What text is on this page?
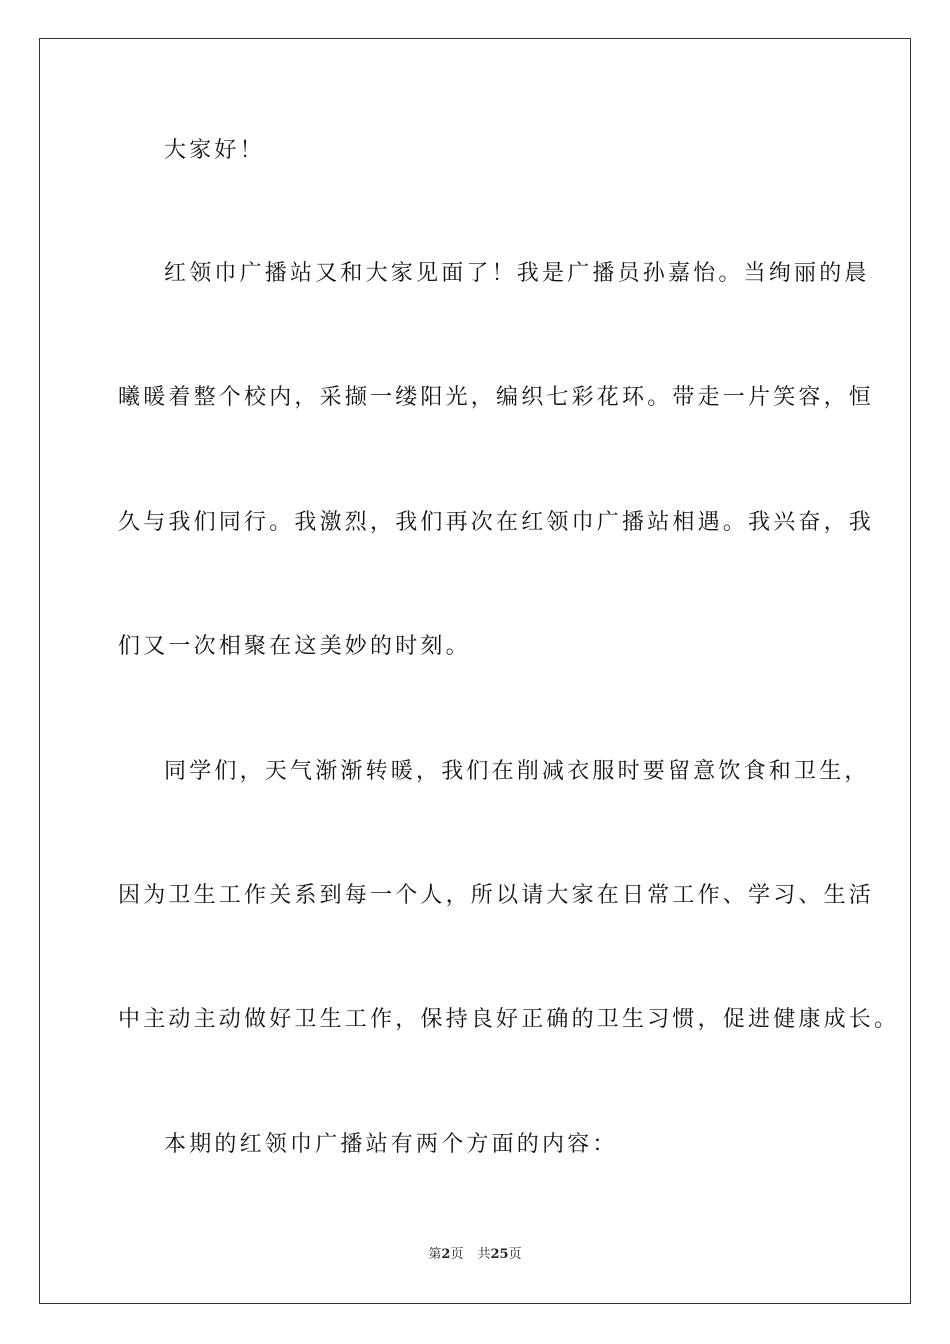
大家好！
红领巾广播站又和大家见面了！我是广播员孙嘉怡。当绚丽的晨
曦暖着整个校内，采撷一缕阳光，编织七彩花环。带走一片笑容，恒
久与我们同行。我激烈，我们再次在红领巾广播站相遇。我兴奋，我
们又一次相聚在这美妙的时刻。
同学们，天气渐渐转暖，我们在削减衣服时要留意饮食和卫生，
因为卫生工作关系到每一个人，所以请大家在日常工作、学习、生活
中主动主动做好卫生工作，保持良好正确的卫生习惯，促进健康成长。
本期的红领巾广播站有两个方面的内容：
第2页 共25页
